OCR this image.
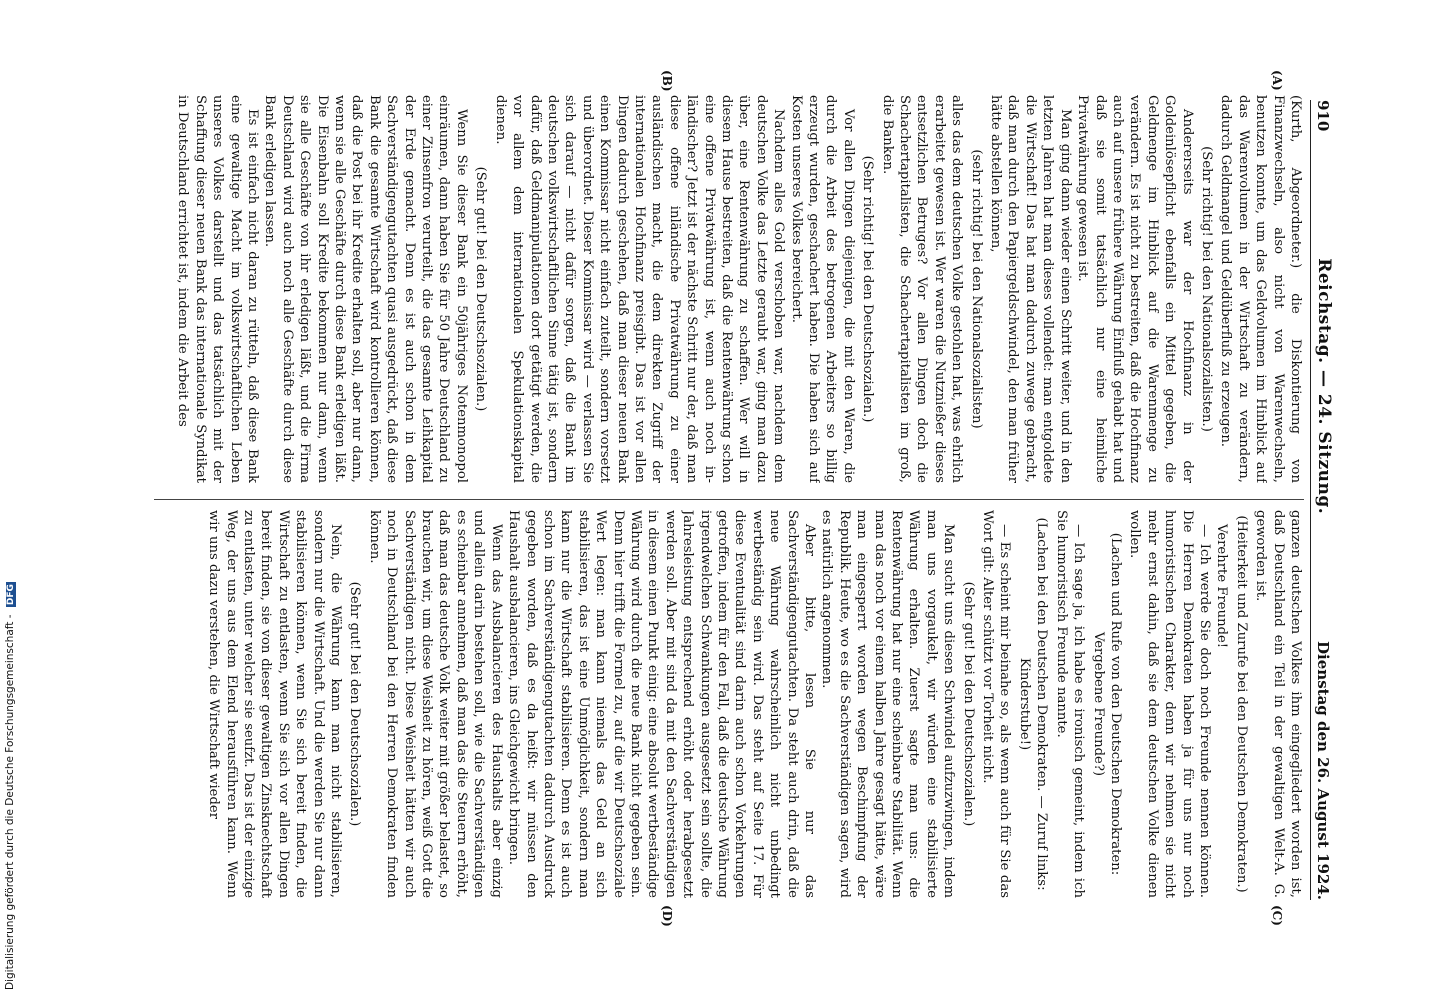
910
Reichstag. — 24. Sitzung.
Dienstag den 26. August 1924.
(A)
(B)
(C)
(D)

(Kurth, Abgeordneter.) die Diskontierung von Finanzwechseln, also nicht von Warenwechseln, benutzen konnte, um das Geldvolumen im Hinblick auf das Warenvolumen in der Wirtschaft zu verändern, dadurch Geldmangel und Geldüberfluß zu erzeugen.

(Sehr richtig! bei den Nationalsozialisten.)

Andererseits war der Hochfinanz in der Goldeinlösepflicht ebenfalls ein Mittel gegeben, die Geldmenge im Hinblick auf die Warenmenge zu verändern. Es ist nicht zu bestreiten, daß die Hochfinanz auch auf unsere frühere Währung Einfluß gehabt hat und daß sie somit tatsächlich nur eine heimliche Privatwährung gewesen ist.

Man ging dann wieder einen Schritt weiter, und in den letzten Jahren hat man dieses vollendet: man entgoldete die Wirtschaft! Das hat man dadurch zuwege gebracht, daß man durch den Papiergeldschwindel, den man früher hätte abstellen können,

(sehr richtig! bei den Nationalsozialisten)

alles das dem deutschen Volke gestohlen hat, was ehrlich erarbeitet gewesen ist. Wer waren die Nutznießer dieses entsetzlichen Betruges? Vor allen Dingen doch die Schachertapitalisten, die Schachertapitalisten im groß, die Banken.

(Sehr richtig! bei den Deutschsozialen.)

Vor allen Dingen diejenigen, die mit den Waren, die durch die Arbeit des betrogenen Arbeiters so billig erzeugt wurden, geschachert haben. Die haben sich auf Kosten unseres Volkes bereichert.

Nachdem alles Gold verschoben war, nachdem dem deutschen Volke das Letzte geraubt war, ging man dazu über, eine Rentenwährung zu schaffen. Wer will in diesem Hause bestreiten, daß die Rentenwährung schon eine offene Privatwährung ist, wenn auch noch in-ländischer? Jetzt ist der nächste Schritt nur der, daß man diese offene inländische Privatwährung zu einer ausländischen macht, die dem direkten Zugriff der internationalen Hochfinanz preisgibt. Das ist vor allen Dingen dadurch geschehen, daß man dieser neuen Bank einen Kommissar nicht einfach zuteilt, sondern vorsetzt und überordnet. Dieser Kommissar wird — verlassen Sie sich darauf — nicht dafür sorgen, daß die Bank im deutschen volkswirtschaftlichen Sinne tätig ist, sondern dafür, daß Geldmanipulationen dort getätigt werden, die vor allem dem internationalen Spekulationskapital dienen.

(Sehr gut! bei den Deutschsozialen.)

Wenn Sie dieser Bank ein 50jähriges Notenmonopol einräumen, dann haben Sie für 50 Jahre Deutschland zu einer Zinsenfron verurteilt, die das gesamte Leihkapital der Erde gemacht. Denn es ist auch schon in dem Sachverständigengutachten quasi ausgedrückt, daß diese Bank die gesamte Wirtschaft wird kontrollieren können, daß die Post bei ihr Kredite erhalten soll, aber nur dann, wenn sie alle Geschäfte durch diese Bank erledigen läßt. Die Eisenbahn soll Kredite bekommen nur dann, wenn sie alle Geschäfte von ihr erledigen läßt, und die Firma Deutschland wird auch noch alle Geschäfte durch diese Bank erledigen lassen.

Es ist einfach nicht daran zu rütteln, daß diese Bank eine gewaltige Macht im volkswirtschaftlichen Leben unseres Volkes darstellt und das tatsächlich mit der Schaffung dieser neuen Bank das internationale Syndikat in Deutschland errichtet ist, indem die Arbeit des

ganzen deutschen Volkes ihm eingegliedert worden ist, daß Deutschland ein Teil in der gewaltigen Welt-A. G. geworden ist.

(Heiterkeit und Zurufe bei den Deutschen Demokraten.)

Verehrte Freunde!

— Ich werde Sie doch noch Freunde nennen können. Die Herren Demokraten haben ja für uns nur noch humoristischen Charakter, denn wir nehmen sie nicht mehr ernst dahin, daß sie dem deutschen Volke dienen wollen.

(Lachen und Rufe von den Deutschen Demokraten: Vergebene Freunde?)

— Ich sage ja, ich habe es ironisch gemeint, indem ich Sie humoristisch Freunde nannte.

(Lachen bei den Deutschen Demokraten. — Zuruf links: Kinderstube!)

— Es scheint mir beinahe so, als wenn auch für Sie das Wort gilt: Alter schützt vor Torheit nicht.

(Sehr gut! bei den Deutschsozialen.)

Man sucht uns diesen Schwindel aufzuzwingen, indem man uns vorgaukelt, wir würden eine stabilisierte Währung erhalten. Zuerst sagte man uns: die Rentenwährung hat nur eine scheinbare Stabilität. Wenn man das noch vor einem halben Jahre gesagt hätte, wäre man eingesperrt worden wegen Beschimpfung der Republik. Heute, wo es die Sachverständigen sagen, wird es natürlich angenommen.

Aber bitte, lesen Sie nur das Sachverständigengutachten. Da steht auch drin, daß die neue Währung wahrscheinlich nicht unbedingt wertbeständig sein wird. Das steht auf Seite 17. Für diese Eventualität sind darin auch schon Vorkehrungen getroffen, indem für den Fall, daß die deutsche Währung irgendwelchen Schwankungen ausgesetzt sein sollte, die Jahresleistung entsprechend erhöht oder herabgesetzt werden soll. Aber mit sind da mit den Sachverständigen in diesem einen Punkt einig: eine absolut wertbeständige Währung wird durch die neue Bank nicht gegeben sein. Denn hier trifft die Formel zu, auf die wir Deutschsoziale Wert legen: man kann niemals das Geld an sich stabilisieren, das ist eine Unmöglichkeit, sondern man kann nur die Wirtschaft stabilisieren. Denn es ist auch schon im Sachverständigengutachten dadurch Ausdruck gegeben worden, daß es da heißt: wir müssen den Haushalt ausbalancieren, ins Gleichgewicht bringen.

Wenn das Ausbalancieren des Haushalts aber einzig und allein darin bestehen soll, wie die Sachverständigen es scheinbar annehmen, daß man das die Steuern erhöht, daß man das deutsche Volk weiter mit größer belastet, so brauchen wir, um diese Weisheit zu hören, weiß Gott die Sachverständigen nicht. Diese Weisheit hätten wir auch noch in Deutschland bei den Herren Demokraten finden können.

(Sehr gut! bei den Deutschsozialen.)

Nein, die Währung kann man nicht stabilisieren, sondern nur die Wirtschaft. Und die werden Sie nur dann stabilisieren können, wenn Sie sich bereit finden, die Wirtschaft zu entlasten, wenn Sie sich vor allen Dingen bereit finden, sie von dieser gewaltigen Zinsknechtschaft zu entlasten, unter welcher sie seufzt. Das ist der einzige Weg, der uns aus dem Elend herausführen kann. Wenn wir uns dazu verstehen, die Wirtschaft wieder

Digitalisierung gefördert durch die Deutsche Forschungsgemeinschaft - DFG
